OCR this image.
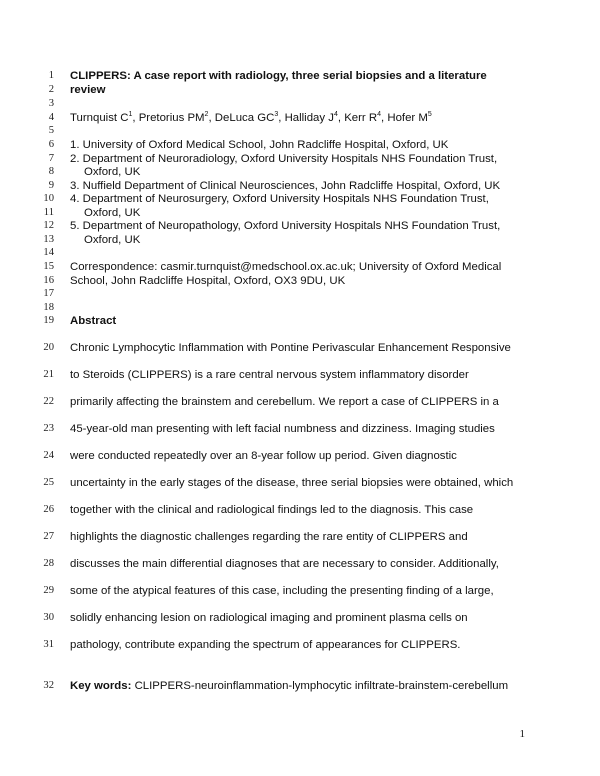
1
2
3
4
5
6
7
8
9
10
11
12
13
14
15
16
17
18
19
20
21
22
23
24
25
26
27
28
29
30
31
32
CLIPPERS: A case report with radiology, three serial biopsies and a literature
review
Turnquist $C^1$, Pretorius $PM^2$, DeLuca $GC^3$, Halliday $J^4$, Kerr $R^4$, Hofer $M^5$
1. University of Oxford Medical School, John Radcliffe Hospital, Oxford, UK
2. Department of Neuroradiology, Oxford University Hospitals NHS Foundation Trust,
Oxford, UK
3. Nuffield Department of Clinical Neurosciences, John Radcliffe Hospital, Oxford, UK
4. Department of Neurosurgery, Oxford University Hospitals NHS Foundation Trust,
Oxford, UK
5. Department of Neuropathology, Oxford University Hospitals NHS Foundation Trust,
Oxford, UK
Correspondence: casmir.turnquist@medschool.ox.ac.uk; University of Oxford Medical
School, John Radcliffe Hospital, Oxford, OX3 9DU, UK
Abstract
Chronic Lymphocytic Inflammation with Pontine Perivascular Enhancement Responsive
to Steroids (CLIPPERS) is a rare central nervous system inflammatory disorder
primarily affecting the brainstem and cerebellum. We report a case of CLIPPERS in a
45-year-old man presenting with left facial numbness and dizziness. Imaging studies
were conducted repeatedly over an 8-year follow up period. Given diagnostic
uncertainty in the early stages of the disease, three serial biopsies were obtained, which
together with the clinical and radiological findings led to the diagnosis. This case
highlights the diagnostic challenges regarding the rare entity of CLIPPERS and
discusses the main differential diagnoses that are necessary to consider. Additionally,
some of the atypical features of this case, including the presenting finding of a large,
solidly enhancing lesion on radiological imaging and prominent plasma cells on
pathology, contribute expanding the spectrum of appearances for CLIPPERS.
Key words: CLIPPERS-neuroinflammation-lymphocytic infiltrate-brainstem-cerebellum
1
